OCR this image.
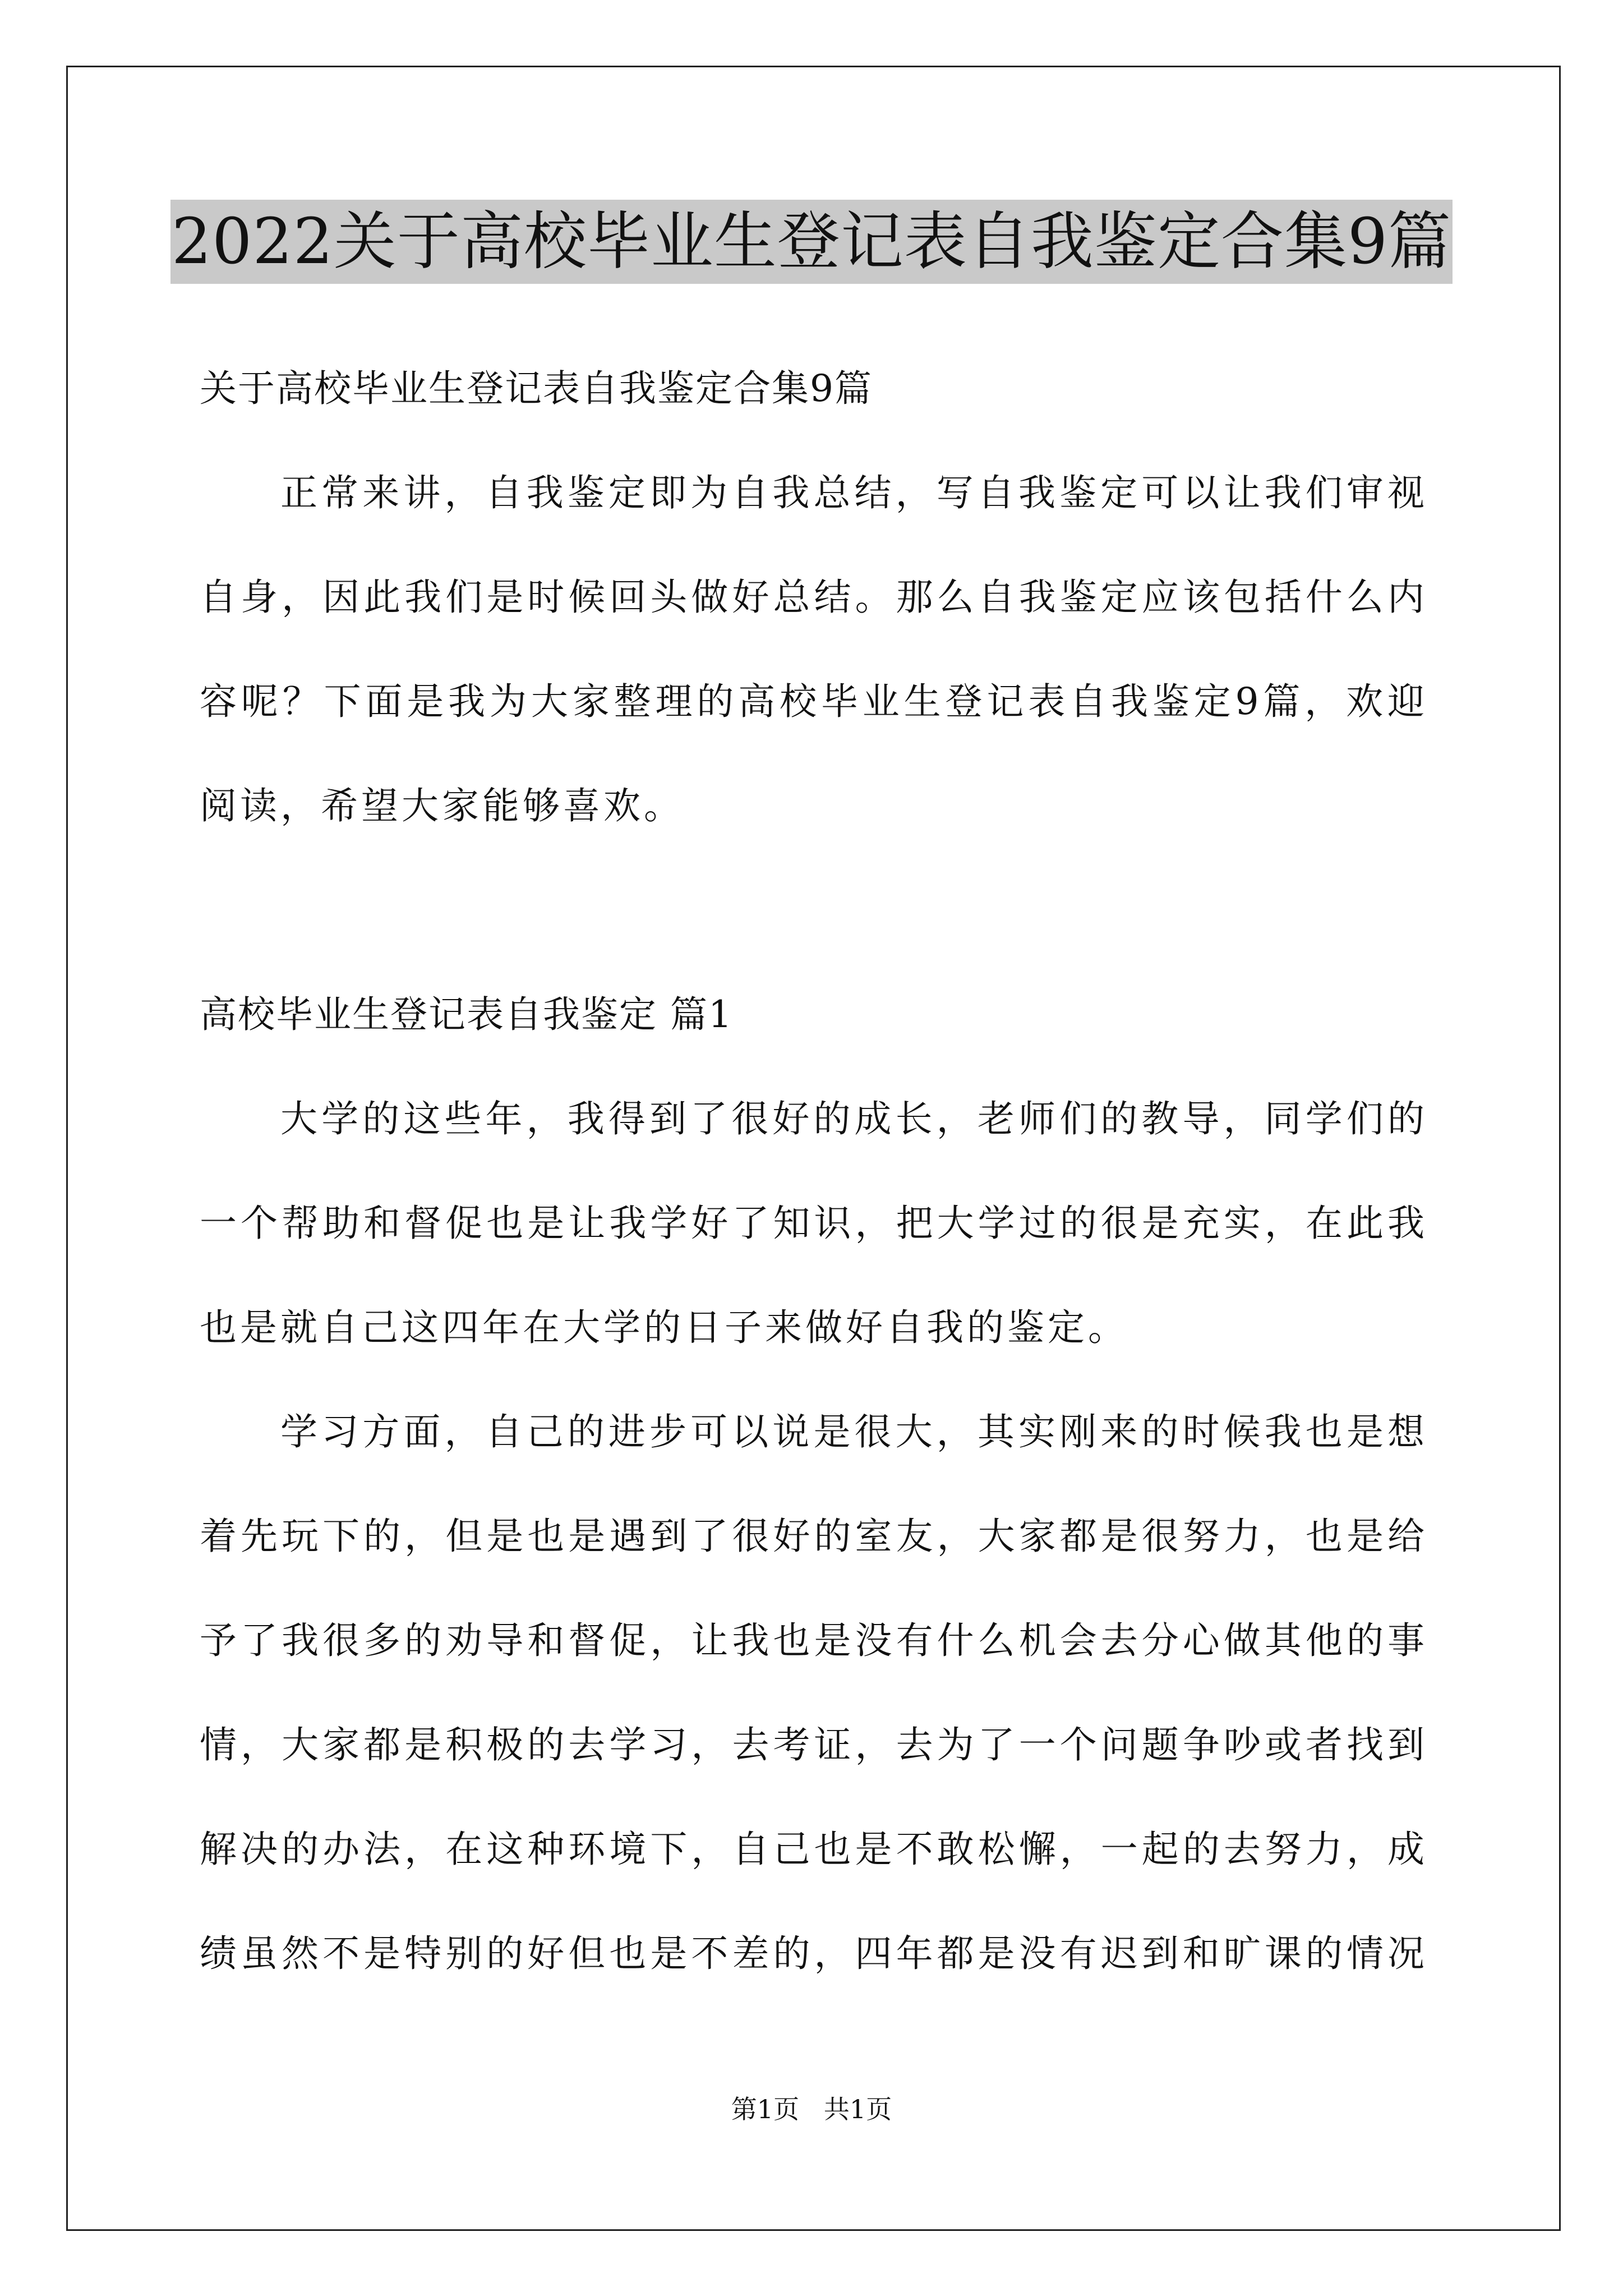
2022关于高校毕业生登记表自我鉴定合集9篇
关于高校毕业生登记表自我鉴定合集9篇
正常来讲，自我鉴定即为自我总结，写自我鉴定可以让我们审视
自身，因此我们是时候回头做好总结。那么自我鉴定应该包括什么内
容呢？下面是我为大家整理的高校毕业生登记表自我鉴定9篇，欢迎
阅读，希望大家能够喜欢。
高校毕业生登记表自我鉴定 篇1
大学的这些年，我得到了很好的成长，老师们的教导，同学们的
一个帮助和督促也是让我学好了知识，把大学过的很是充实，在此我
也是就自己这四年在大学的日子来做好自我的鉴定。
学习方面，自己的进步可以说是很大，其实刚来的时候我也是想
着先玩下的，但是也是遇到了很好的室友，大家都是很努力，也是给
予了我很多的劝导和督促，让我也是没有什么机会去分心做其他的事
情，大家都是积极的去学习，去考证，去为了一个问题争吵或者找到
解决的办法，在这种环境下，自己也是不敢松懈，一起的去努力，成
绩虽然不是特别的好但也是不差的，四年都是没有迟到和旷课的情况
第1页   共1页
